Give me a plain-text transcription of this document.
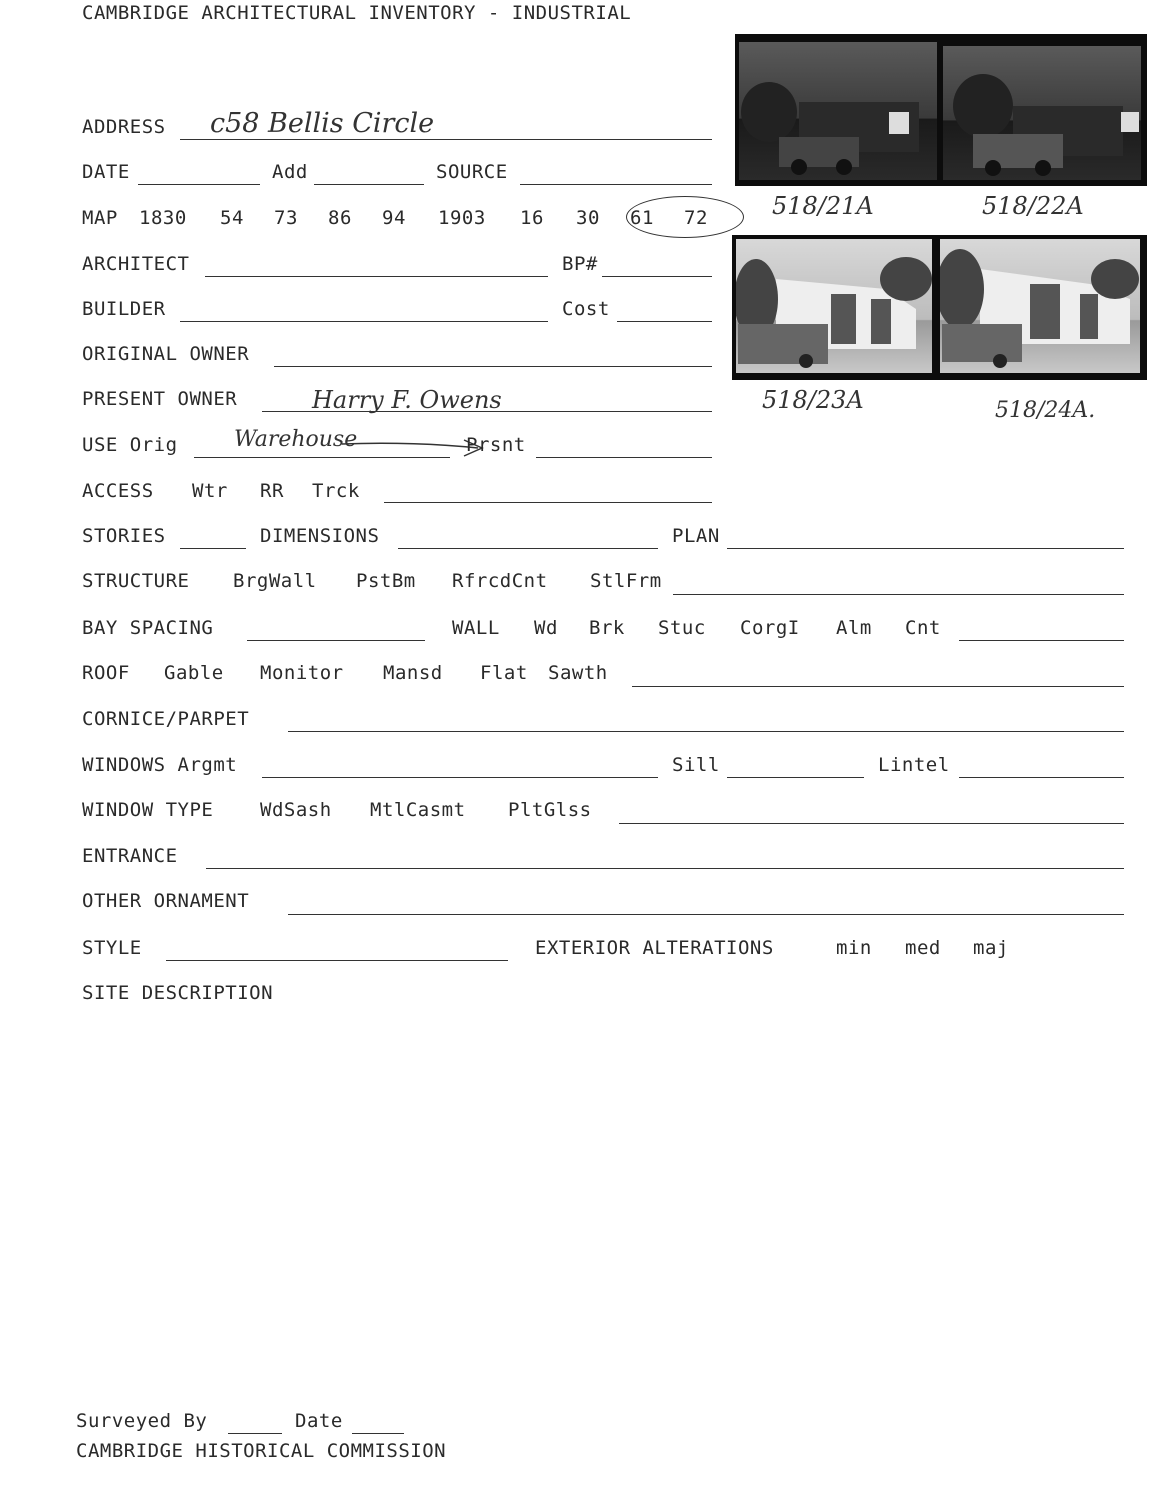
CAMBRIDGE ARCHITECTURAL INVENTORY - INDUSTRIAL
ADDRESS c58 Bellis Circle
DATE	Add	SOURCE
MAP 1830 54 73 86 94 1903 16 30 61 72
ARCHITECT	BP#
BUILDER	Cost
ORIGINAL OWNER
PRESENT OWNER	Harry F. Owens
USE Orig	Warehouse	Prsnt
ACCESS Wtr RR Trck
STORIES	DIMENSIONS	PLAN
STRUCTURE BrgWall PstBm RfrcdCnt StlFrm
BAY SPACING	WALL Wd Brk Stuc CorgI Alm Cnt
ROOF Gable Monitor Mansd Flat Sawth
CORNICE/PARPET
WINDOWS Argmt	Sill	Lintel
WINDOW TYPE WdSash MtlCasmt PltGlss
ENTRANCE
OTHER ORNAMENT
STYLE	EXTERIOR ALTERATIONS	min med maj
SITE DESCRIPTION
Surveyed By	Date
CAMBRIDGE HISTORICAL COMMISSION
518/21A	518/22A
518/23A	518/24A.
